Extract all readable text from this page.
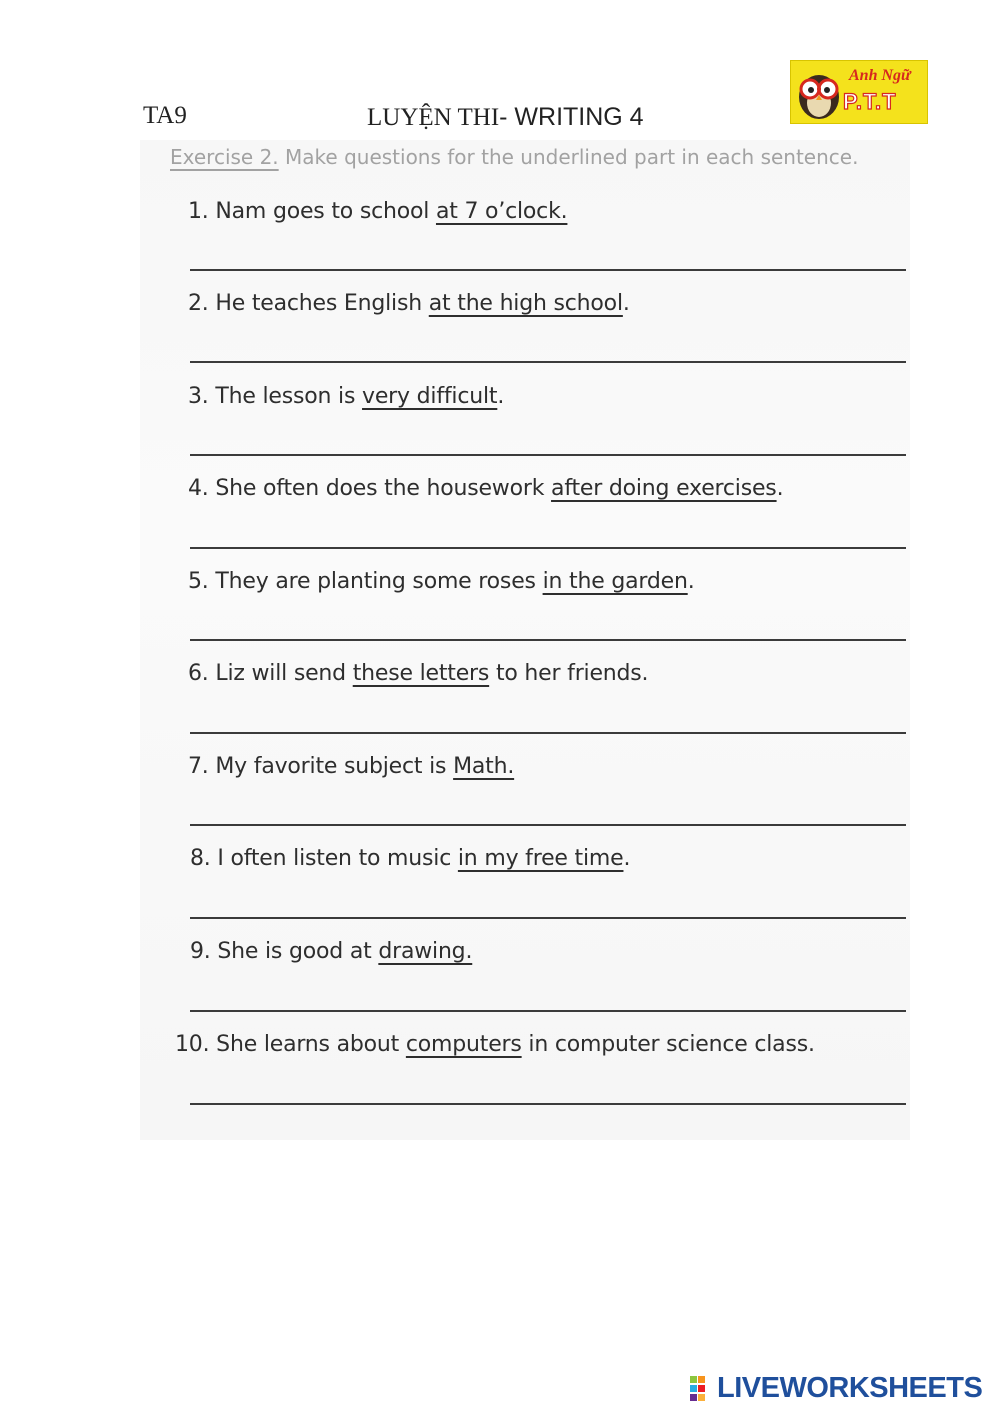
TA9	LUYỆN THI- WRITING 4
Anh Ngữ
P.T.T
Exercise 2. Make questions for the underlined part in each sentence.
1. Nam goes to school at 7 o’clock.
2. He teaches English at the high school.
3. The lesson is very difficult.
4. She often does the housework after doing exercises.
5. They are planting some roses in the garden.
6. Liz will send these letters to her friends.
7. My favorite subject is Math.
8. I often listen to music in my free time.
9. She is good at drawing.
10. She learns about computers in computer science class.
LIVEWORKSHEETS
